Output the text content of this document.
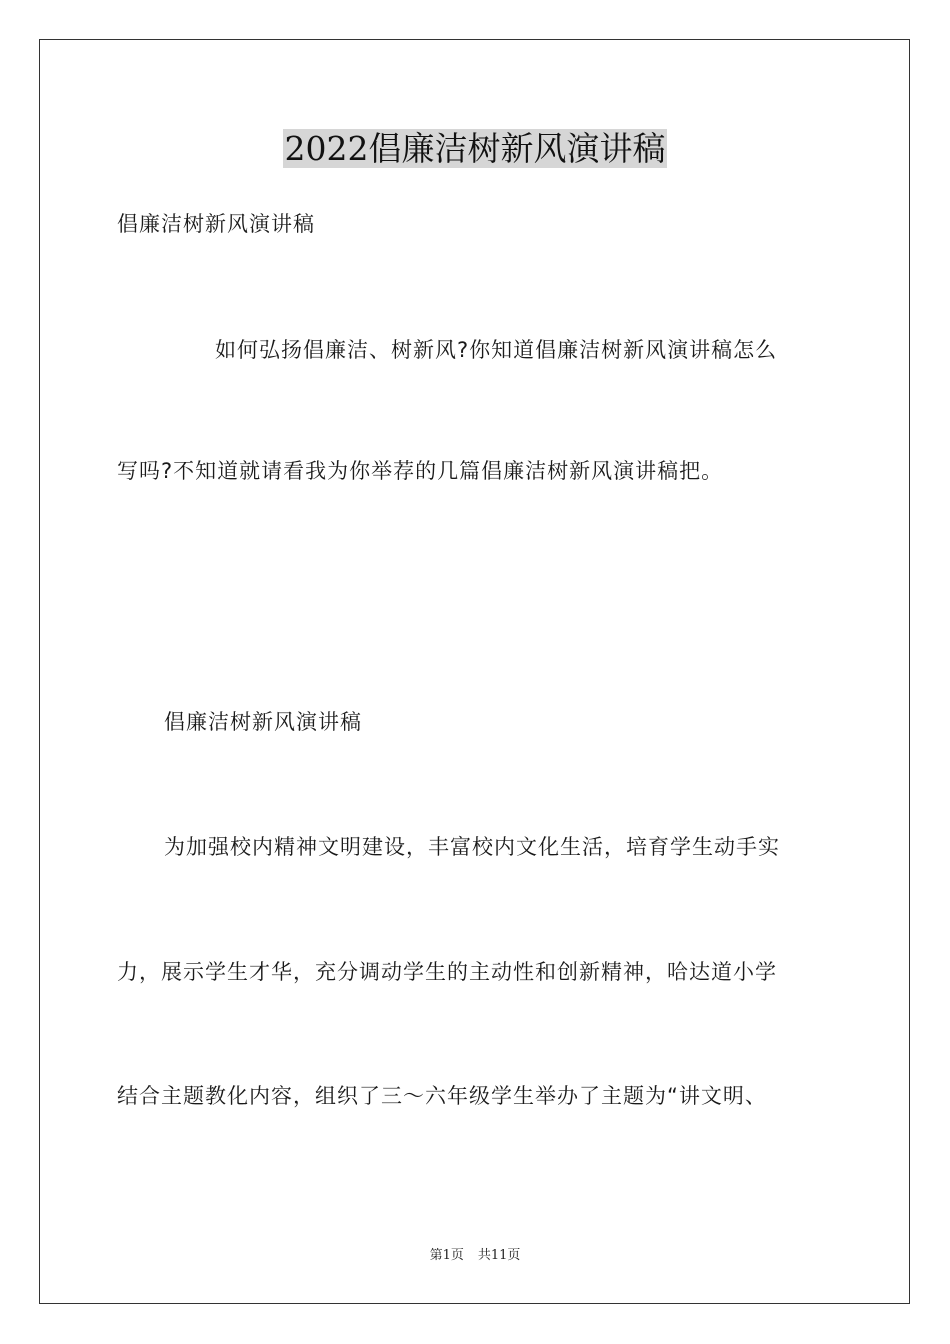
2022倡廉洁树新风演讲稿
倡廉洁树新风演讲稿
如何弘扬倡廉洁、树新风?你知道倡廉洁树新风演讲稿怎么
写吗?不知道就请看我为你举荐的几篇倡廉洁树新风演讲稿把。
倡廉洁树新风演讲稿
为加强校内精神文明建设，丰富校内文化生活，培育学生动手实
力，展示学生才华，充分调动学生的主动性和创新精神，哈达道小学
结合主题教化内容，组织了三～六年级学生举办了主题为“讲文明、
第1页 共11页
